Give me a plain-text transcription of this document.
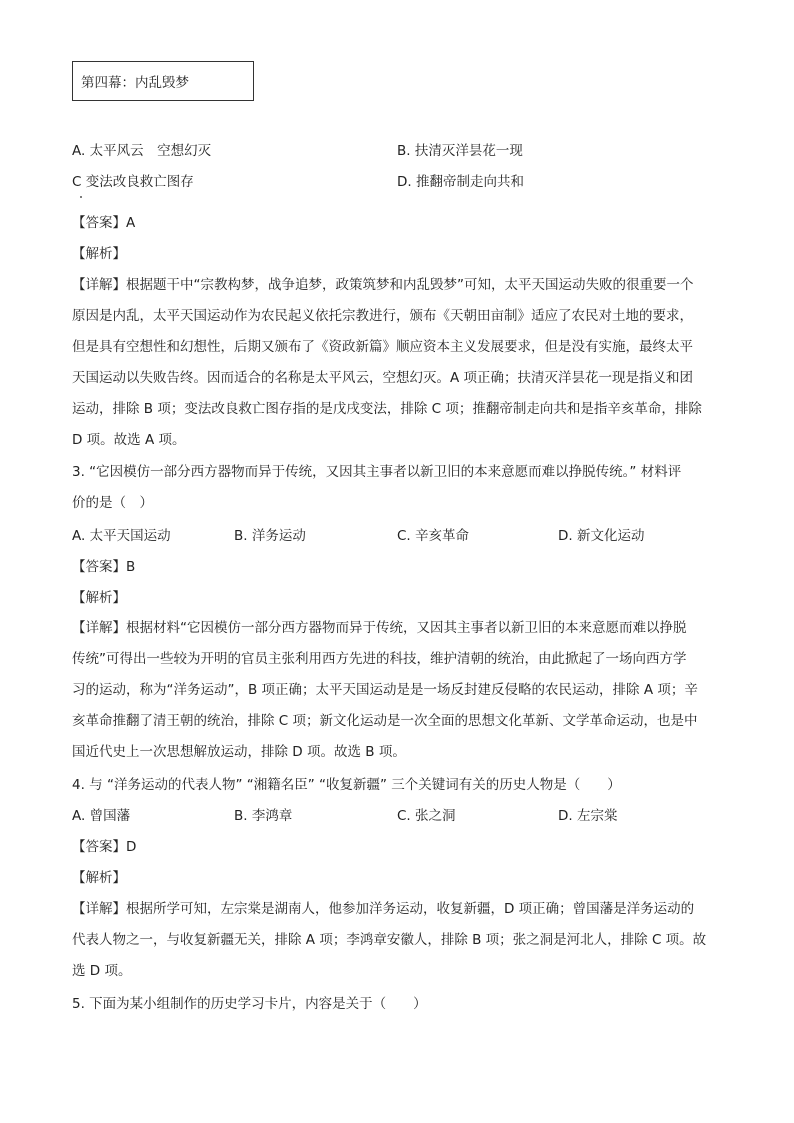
第四幕：内乱毁梦
A. 太平风云　空想幻灭	B. 扶清灭洋昙花一现
C 变法改良救亡图存	D. 推翻帝制走向共和
【答案】A
【解析】
【详解】根据题干中“宗教构梦，战争追梦，政策筑梦和内乱毁梦”可知，太平天国运动失败的很重要一个
原因是内乱，太平天国运动作为农民起义依托宗教进行，颁布《天朝田亩制》适应了农民对土地的要求，
但是具有空想性和幻想性，后期又颁布了《资政新篇》顺应资本主义发展要求，但是没有实施，最终太平
天国运动以失败告终。因而适合的名称是太平风云，空想幻灭。A 项正确；扶清灭洋昙花一现是指义和团
运动，排除 B 项；变法改良救亡图存指的是戊戌变法，排除 C 项；推翻帝制走向共和是指辛亥革命，排除
D 项。故选 A 项。
3. “它因模仿一部分西方器物而异于传统，又因其主事者以新卫旧的本来意愿而难以挣脱传统。” 材料评
价的是（　）
A. 太平天国运动	B. 洋务运动	C. 辛亥革命	D. 新文化运动
【答案】B
【解析】
【详解】根据材料“它因模仿一部分西方器物而异于传统，又因其主事者以新卫旧的本来意愿而难以挣脱
传统”可得出一些较为开明的官员主张利用西方先进的科技，维护清朝的统治，由此掀起了一场向西方学
习的运动，称为“洋务运动”，B 项正确；太平天国运动是是一场反封建反侵略的农民运动，排除 A 项；辛
亥革命推翻了清王朝的统治，排除 C 项；新文化运动是一次全面的思想文化革新、文学革命运动，也是中
国近代史上一次思想解放运动，排除 D 项。故选 B 项。
4. 与 “洋务运动的代表人物” “湘籍名臣” “收复新疆” 三个关键词有关的历史人物是（　　）
A. 曾国藩	B. 李鸿章	C. 张之洞	D. 左宗棠
【答案】D
【解析】
【详解】根据所学可知，左宗棠是湖南人，他参加洋务运动，收复新疆，D 项正确；曾国藩是洋务运动的
代表人物之一，与收复新疆无关，排除 A 项；李鸿章安徽人，排除 B 项；张之洞是河北人，排除 C 项。故
选 D 项。
5. 下面为某小组制作的历史学习卡片，内容是关于（　　）
